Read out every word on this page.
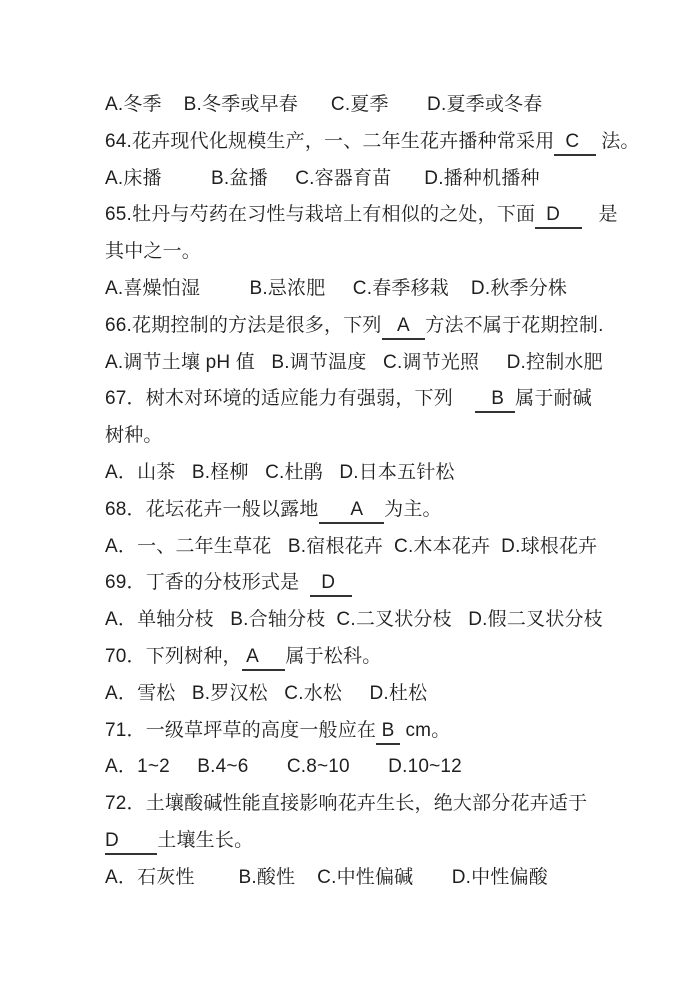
A.冬季    B.冬季或早春      C.夏季       D.夏季或冬春
64.花卉现代化规模生产，一、二年生花卉播种常采用  C    法。
A.床播         B.盆播     C.容器育苗      D.播种机播种
65.牡丹与芍药在习性与栽培上有相似的之处，下面  D       是
其中之一。
A.喜燥怕湿         B.忌浓肥     C.春季移栽    D.秋季分株
66.花期控制的方法是很多，下列   A   方法不属于花期控制.
A.调节土壤 pH 值   B.调节温度   C.调节光照     D.控制水肥
67．树木对环境的适应能力有强弱，下列       B  属于耐碱
树种。
A．山茶   B.柽柳   C.杜鹃   D.日本五针松
68．花坛花卉一般以露地      A    为主。
A．一、二年生草花   B.宿根花卉  C.木本花卉  D.球根花卉
69．丁香的分枝形式是    D
A．单轴分枝   B.合轴分枝  C.二叉状分枝   D.假二叉状分枝
70．下列树种， A     属于松科。
A．雪松   B.罗汉松   C.水松     D.杜松
71．一级草坪草的高度一般应在 B  cm。
A．1~2     B.4~6       C.8~10       D.10~12
72．土壤酸碱性能直接影响花卉生长，绝大部分花卉适于
D       土壤生长。
A．石灰性        B.酸性    C.中性偏碱       D.中性偏酸
